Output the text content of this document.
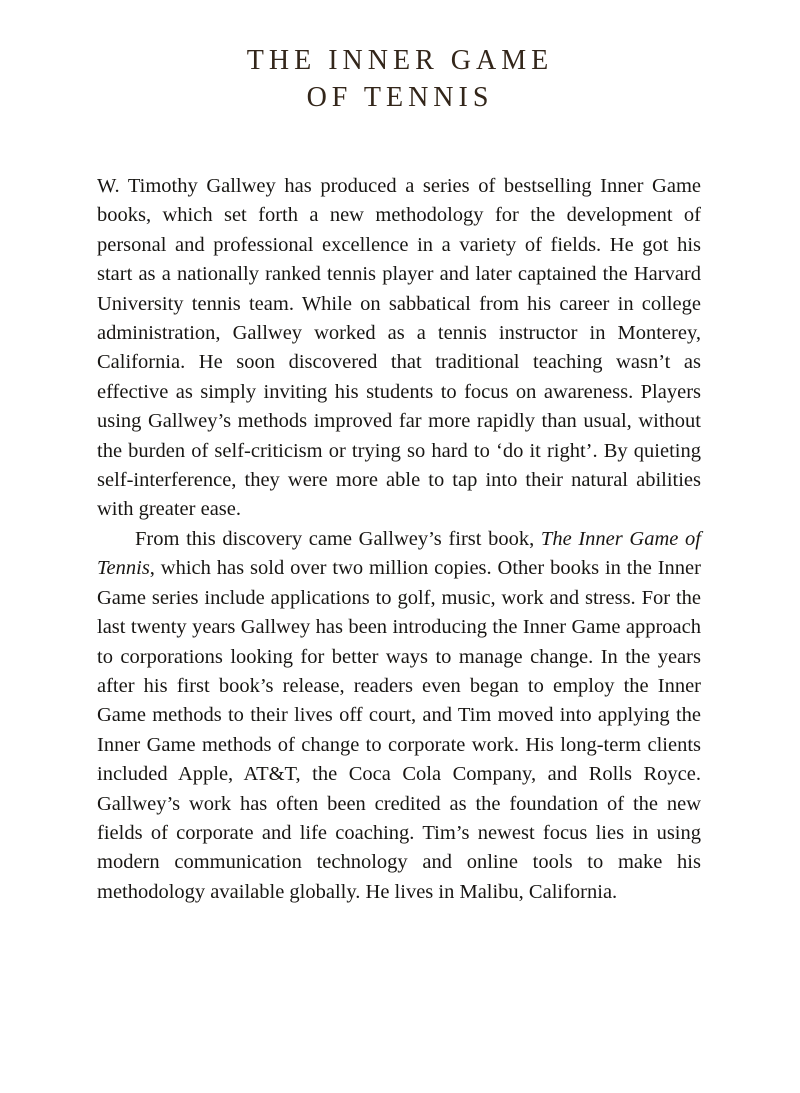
THE INNER GAME
OF TENNIS

W. Timothy Gallwey has produced a series of bestselling Inner Game books, which set forth a new methodology for the development of personal and professional excellence in a variety of fields. He got his start as a nationally ranked tennis player and later captained the Harvard University tennis team. While on sabbatical from his career in college administration, Gallwey worked as a tennis instructor in Monterey, California. He soon discovered that traditional teaching wasn’t as effective as simply inviting his students to focus on awareness. Players using Gallwey’s methods improved far more rapidly than usual, without the burden of self-criticism or trying so hard to ‘do it right’. By quieting self-interference, they were more able to tap into their natural abilities with greater ease.

From this discovery came Gallwey’s first book, The Inner Game of Tennis, which has sold over two million copies. Other books in the Inner Game series include applications to golf, music, work and stress. For the last twenty years Gallwey has been introducing the Inner Game approach to corporations looking for better ways to manage change. In the years after his first book’s release, readers even began to employ the Inner Game methods to their lives off court, and Tim moved into applying the Inner Game methods of change to corporate work. His long-term clients included Apple, AT&T, the Coca Cola Company, and Rolls Royce. Gallwey’s work has often been credited as the foundation of the new fields of corporate and life coaching. Tim’s newest focus lies in using modern communication technology and online tools to make his methodology available globally. He lives in Malibu, California.
